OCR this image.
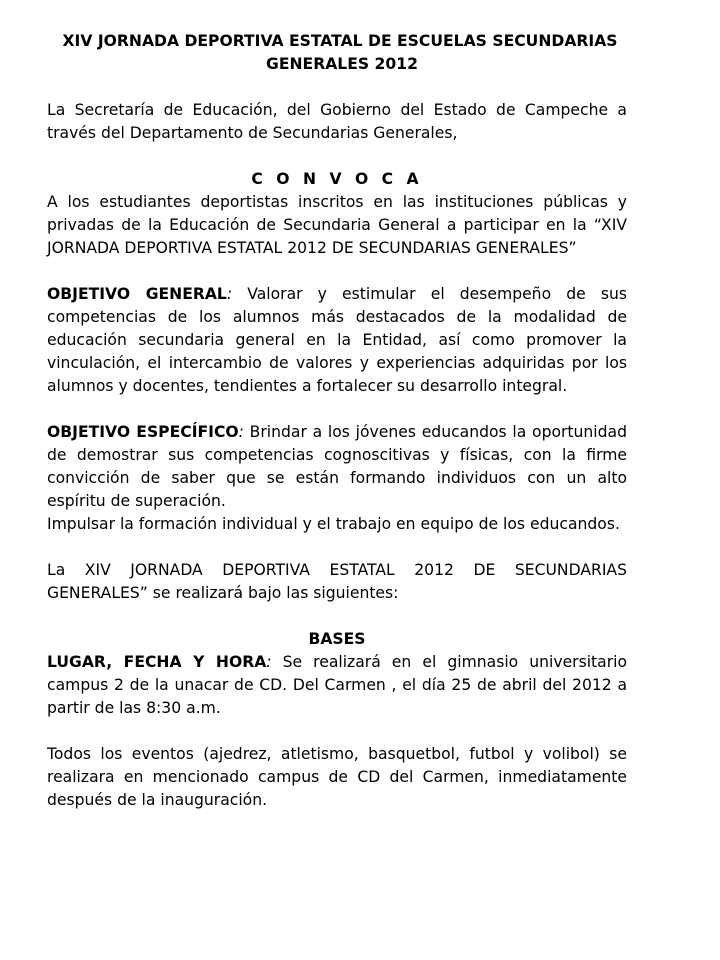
XIV JORNADA DEPORTIVA ESTATAL DE ESCUELAS SECUNDARIAS
GENERALES 2012

La Secretaría de Educación, del Gobierno del Estado de Campeche a través del Departamento de Secundarias Generales,

C O N V O C A

A los estudiantes deportistas inscritos en las instituciones públicas y privadas de la Educación de Secundaria General a participar en la “XIV JORNADA DEPORTIVA ESTATAL 2012 DE SECUNDARIAS GENERALES”

OBJETIVO GENERAL: Valorar y estimular el desempeño de sus competencias de los alumnos más destacados de la modalidad de educación secundaria general en la Entidad, así como promover la vinculación, el intercambio de valores y experiencias adquiridas por los alumnos y docentes, tendientes a fortalecer su desarrollo integral.

OBJETIVO ESPECÍFICO: Brindar a los jóvenes educandos la oportunidad de demostrar sus competencias cognoscitivas y físicas, con la firme convicción de saber que se están formando individuos con un alto espíritu de superación.

Impulsar la formación individual y el trabajo en equipo de los educandos.

La XIV JORNADA DEPORTIVA ESTATAL 2012 DE SECUNDARIAS GENERALES” se realizará bajo las siguientes:

BASES

LUGAR, FECHA Y HORA: Se realizará en el gimnasio universitario campus 2 de la unacar de CD. Del Carmen , el día 25 de abril del 2012 a partir de las 8:30 a.m.

Todos los eventos (ajedrez, atletismo, basquetbol, futbol y volibol) se realizara en mencionado campus de CD del Carmen, inmediatamente después de la inauguración.
